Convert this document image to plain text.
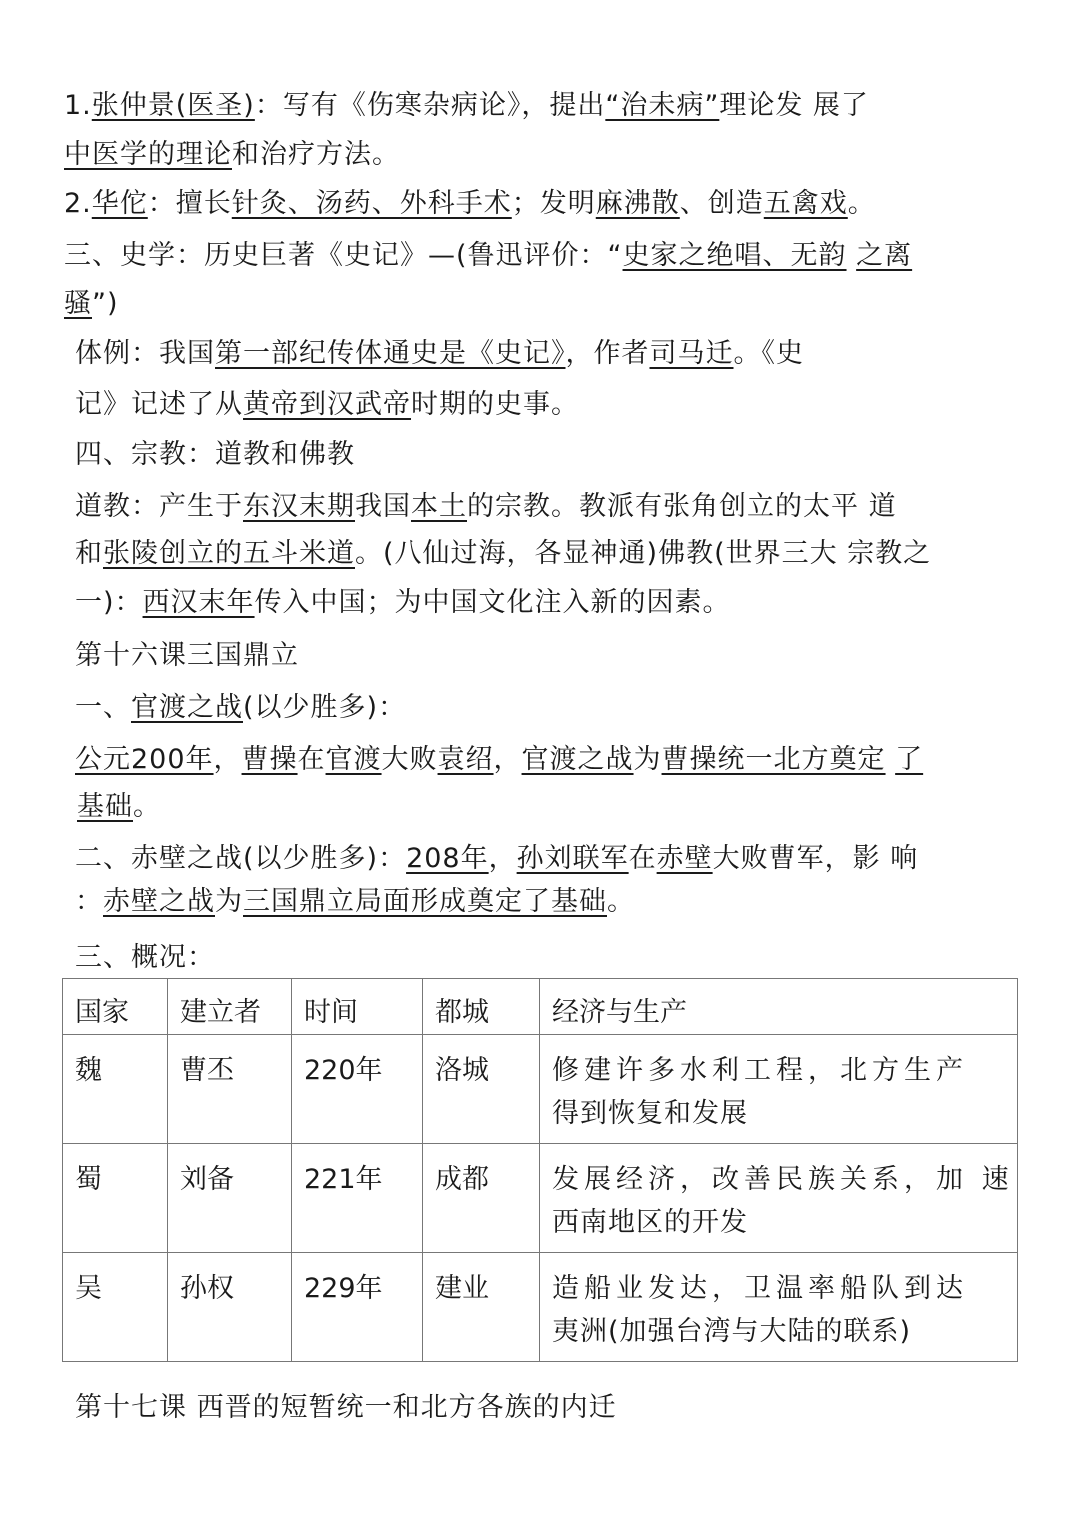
1.张仲景(医圣)：写有《伤寒杂病论》，提出“治未病”理论发 展了
中医学的理论和治疗方法。
2.华佗：擅长针灸、汤药、外科手术；发明麻沸散、创造五禽戏。
三、史学：历史巨著《史记》—(鲁迅评价：“史家之绝唱、无韵 之离
骚”)
体例：我国第一部纪传体通史是《史记》，作者司马迁。《史
记》记述了从黄帝到汉武帝时期的史事。
四、宗教：道教和佛教
道教：产生于东汉末期我国本土的宗教。教派有张角创立的太平 道
和张陵创立的五斗米道。(八仙过海，各显神通)佛教(世界三大 宗教之
一)：西汉末年传入中国；为中国文化注入新的因素。
第十六课三国鼎立
一、官渡之战(以少胜多)：
公元200年，曹操在官渡大败袁绍，官渡之战为曹操统一北方奠定 了
基础。
二、赤壁之战(以少胜多)：208年，孙刘联军在赤壁大败曹军，影 响
：赤壁之战为三国鼎立局面形成奠定了基础。
三、概况：
国家	建立者	时间	都城	经济与生产
魏	曹丕	220年	洛城	修建许多水利工程，北方生产
得到恢复和发展

蜀	刘备	221年	成都	发展经济，改善民族关系，加 速
西南地区的开发

吴	孙权	229年	建业	造船业发达，卫温率船队到达
夷洲(加强台湾与大陆的联系)
第十七课 西晋的短暂统一和北方各族的内迁
